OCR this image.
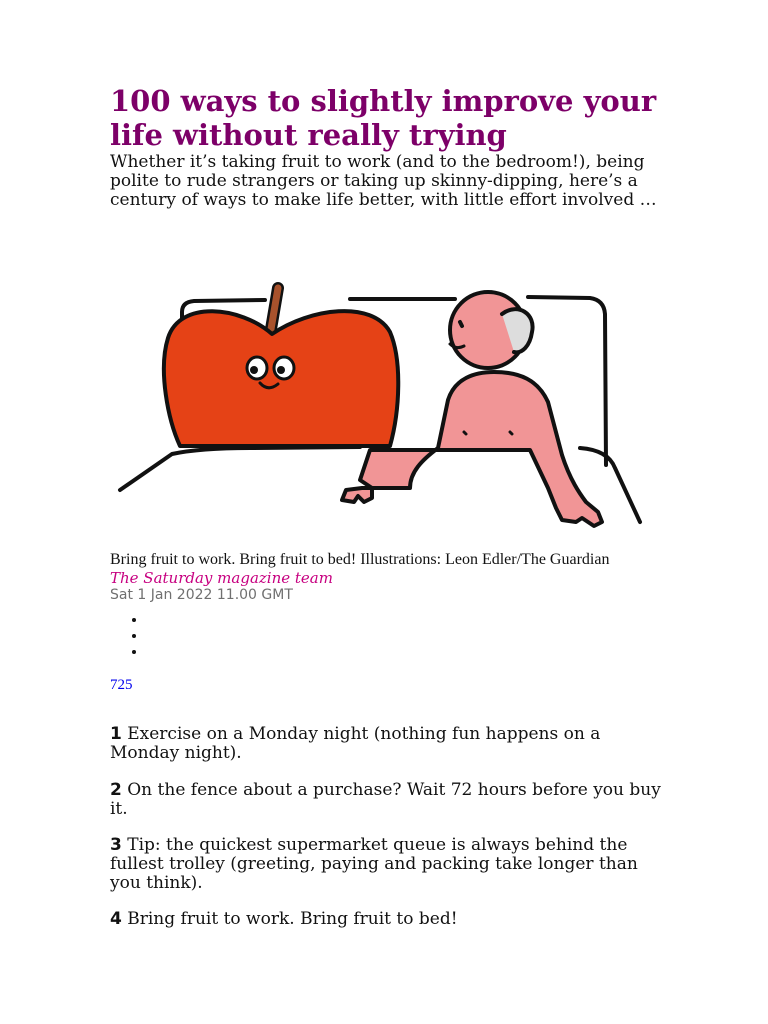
100 ways to slightly improve your life without really trying

Whether it’s taking fruit to work (and to the bedroom!), being polite to rude strangers or taking up skinny-dipping, here’s a century of ways to make life better, with little effort involved …

Bring fruit to work. Bring fruit to bed! Illustrations: Leon Edler/The Guardian

The Saturday magazine team

Sat 1 Jan 2022 11.00 GMT

725

1 Exercise on a Monday night (nothing fun happens on a Monday night).

2 On the fence about a purchase? Wait 72 hours before you buy it.

3 Tip: the quickest supermarket queue is always behind the fullest trolley (greeting, paying and packing take longer than you think).

4 Bring fruit to work. Bring fruit to bed!
